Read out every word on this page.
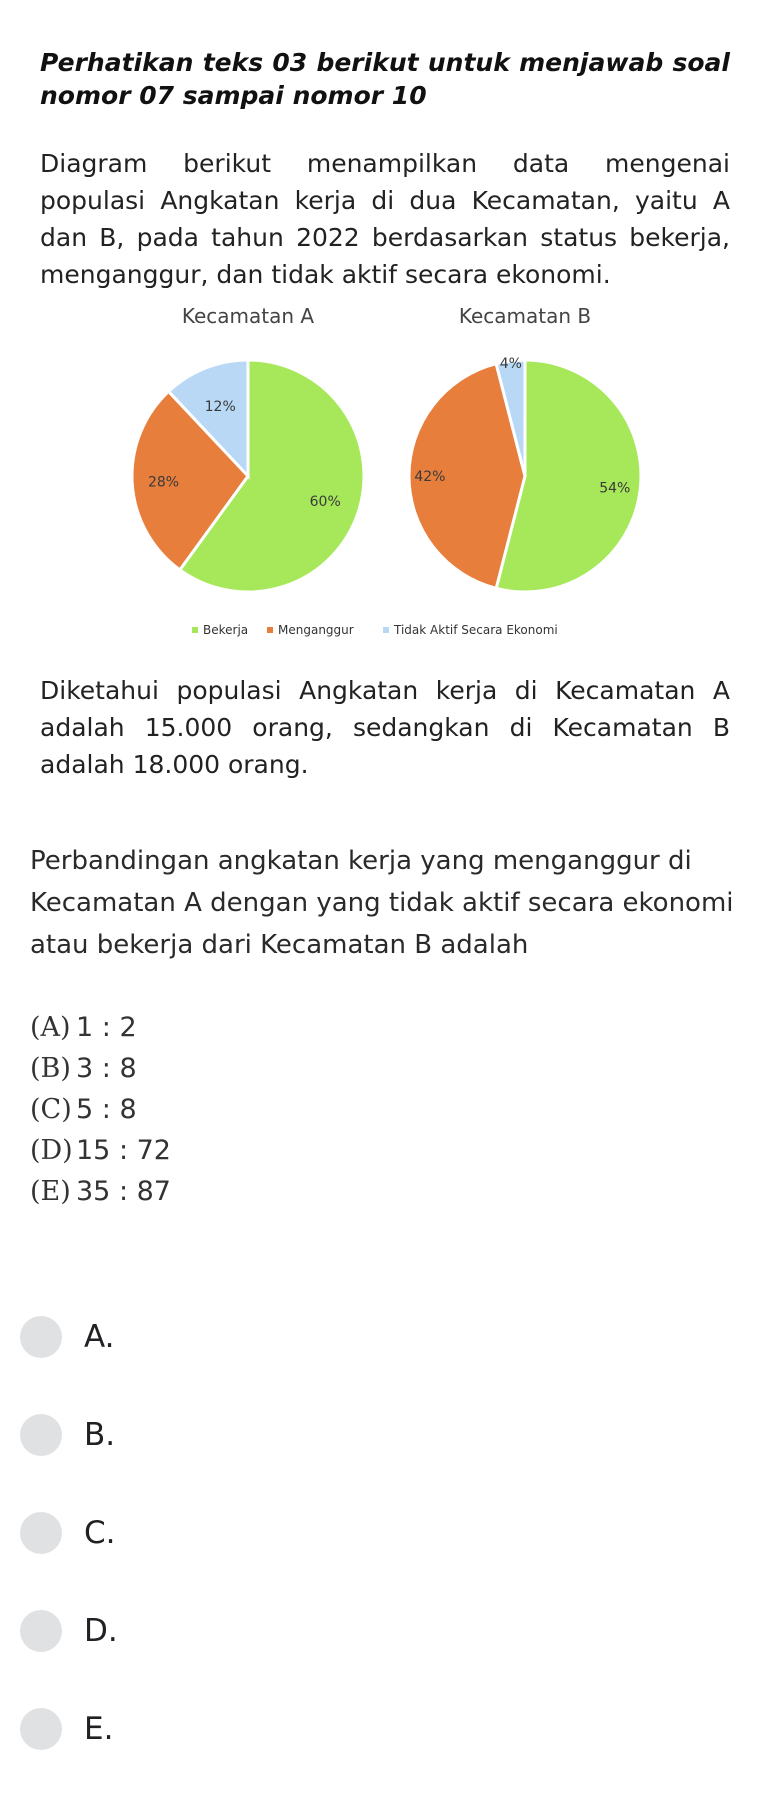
Perhatikan teks 03 berikut untuk menjawab soal nomor 07 sampai nomor 10
Diagram berikut menampilkan data mengenai populasi Angkatan kerja di dua Kecamatan, yaitu A dan B, pada tahun 2022 berdasarkan status bekerja, menganggur, dan tidak aktif secara ekonomi.
Kecamatan A
60%
28%
12%
Kecamatan B
54%
42%
4%
Bekerja Menganggur	Tidak Aktif Secara Ekonomi
Diketahui populasi Angkatan kerja di Kecamatan A adalah 15.000 orang, sedangkan di Kecamatan B adalah 18.000 orang.
Perbandingan angkatan kerja yang menganggur di Kecamatan A dengan yang tidak aktif secara ekonomi atau bekerja dari Kecamatan B adalah
(A) 1 : 2
(B) 3 : 8
(C) 5 : 8
(D) 15 : 72
(E) 35 : 87
A.
B.
C.
D.
E.
